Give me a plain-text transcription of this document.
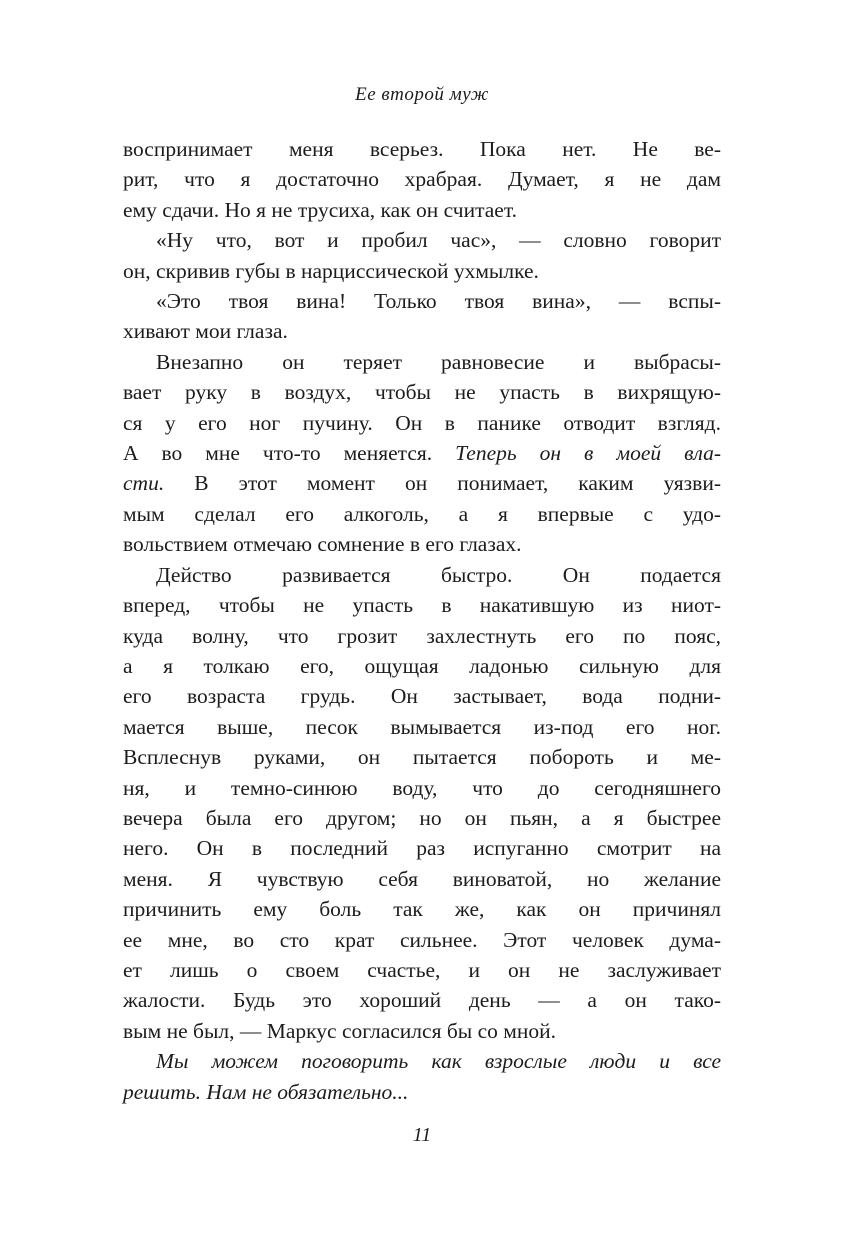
Ее второй муж
воспринимает меня всерьез. Пока нет. Не ве-
рит, что я достаточно храбрая. Думает, я не дам
ему сдачи. Но я не трусиха, как он считает.
«Ну что, вот и пробил час», — словно говорит
он, скривив губы в нарциссической ухмылке.
«Это твоя вина! Только твоя вина», — вспы-
хивают мои глаза.
Внезапно он теряет равновесие и выбрасы-
вает руку в воздух, чтобы не упасть в вихрящую-
ся у его ног пучину. Он в панике отводит взгляд.
А во мне что-то меняется. Теперь он в моей вла-
сти. В этот момент он понимает, каким уязви-
мым сделал его алкоголь, а я впервые с удо-
вольствием отмечаю сомнение в его глазах.
Действо развивается быстро. Он подается
вперед, чтобы не упасть в накатившую из ниот-
куда волну, что грозит захлестнуть его по пояс,
а я толкаю его, ощущая ладонью сильную для
его возраста грудь. Он застывает, вода подни-
мается выше, песок вымывается из-под его ног.
Всплеснув руками, он пытается побороть и ме-
ня, и темно-синюю воду, что до сегодняшнего
вечера была его другом; но он пьян, а я быстрее
него. Он в последний раз испуганно смотрит на
меня. Я чувствую себя виноватой, но желание
причинить ему боль так же, как он причинял
ее мне, во сто крат сильнее. Этот человек дума-
ет лишь о своем счастье, и он не заслуживает
жалости. Будь это хороший день — а он тако-
вым не был, — Маркус согласился бы со мной.
Мы можем поговорить как взрослые люди и все
решить. Нам не обязательно...
11
